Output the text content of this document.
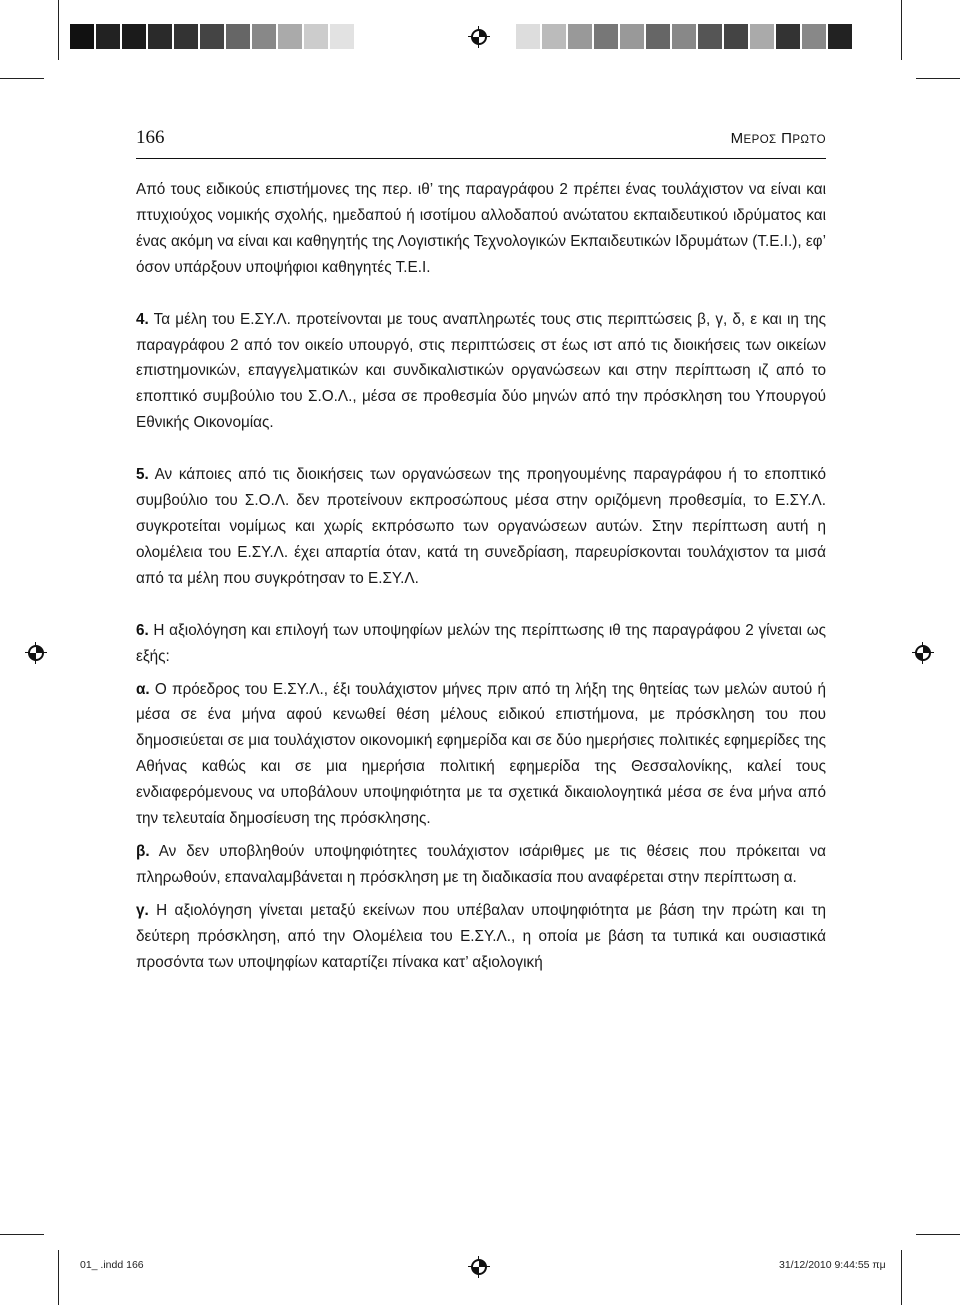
166	ΜΕΡΟΣ ΠΡΩΤΟ

Από τους ειδικούς επιστήμονες της περ. ιθ’ της παραγράφου 2 πρέπει ένας τουλάχιστον να είναι και πτυχιούχος νομικής σχολής, ημεδαπού ή ισοτίμου αλλοδαπού ανώτατου εκπαιδευτικού ιδρύματος και ένας ακόμη να είναι και καθηγητής της Λογιστικής Τεχνολογικών Εκπαιδευτικών Ιδρυμάτων (Τ.Ε.Ι.), εφ’ όσον υπάρξουν υποψήφιοι καθηγητές Τ.Ε.Ι.

4. Τα μέλη του Ε.ΣΥ.Λ. προτείνονται με τους αναπληρωτές τους στις περιπτώσεις β, γ, δ, ε και ιη της παραγράφου 2 από τον οικείο υπουργό, στις περιπτώσεις στ έως ιστ από τις διοικήσεις των οικείων επιστημονικών, επαγγελματικών και συνδικαλιστικών οργανώσεων και στην περίπτωση ιζ από το εποπτικό συμβούλιο του Σ.Ο.Λ., μέσα σε προθεσμία δύο μηνών από την πρόσκληση του Υπουργού Εθνικής Οικονομίας.

5. Αν κάποιες από τις διοικήσεις των οργανώσεων της προηγουμένης παραγράφου ή το εποπτικό συμβούλιο του Σ.Ο.Λ. δεν προτείνουν εκπροσώπους μέσα στην οριζόμενη προθεσμία, το Ε.ΣΥ.Λ. συγκροτείται νομίμως και χωρίς εκπρόσωπο των οργανώσεων αυτών. Στην περίπτωση αυτή η ολομέλεια του Ε.ΣΥ.Λ. έχει απαρτία όταν, κατά τη συνεδρίαση, παρευρίσκονται τουλάχιστον τα μισά από τα μέλη που συγκρότησαν το Ε.ΣΥ.Λ.

6. Η αξιολόγηση και επιλογή των υποψηφίων μελών της περίπτωσης ιθ της παραγράφου 2 γίνεται ως εξής:

α. Ο πρόεδρος του Ε.ΣΥ.Λ., έξι τουλάχιστον μήνες πριν από τη λήξη της θητείας των μελών αυτού ή μέσα σε ένα μήνα αφού κενωθεί θέση μέλους ειδικού επιστήμονα, με πρόσκληση του που δημοσιεύεται σε μια τουλάχιστον οικονομική εφημερίδα και σε δύο ημερήσιες πολιτικές εφημερίδες της Αθήνας καθώς και σε μια ημερήσια πολιτική εφημερίδα της Θεσσαλονίκης, καλεί τους ενδιαφερόμενους να υποβάλουν υποψηφιότητα με τα σχετικά δικαιολογητικά μέσα σε ένα μήνα από την τελευταία δημοσίευση της πρόσκλησης.

β. Αν δεν υποβληθούν υποψηφιότητες τουλάχιστον ισάριθμες με τις θέσεις που πρόκειται να πληρωθούν, επαναλαμβάνεται η πρόσκληση με τη διαδικασία που αναφέρεται στην περίπτωση α.

γ. Η αξιολόγηση γίνεται μεταξύ εκείνων που υπέβαλαν υποψηφιότητα με βάση την πρώτη και τη δεύτερη πρόσκληση, από την Ολομέλεια του Ε.ΣΥ.Λ., η οποία με βάση τα τυπικά και ουσιαστικά προσόντα των υποψηφίων καταρτίζει πίνακα κατ’ αξιολογική

01_ .indd 166	31/12/2010 9:44:55 πμ
